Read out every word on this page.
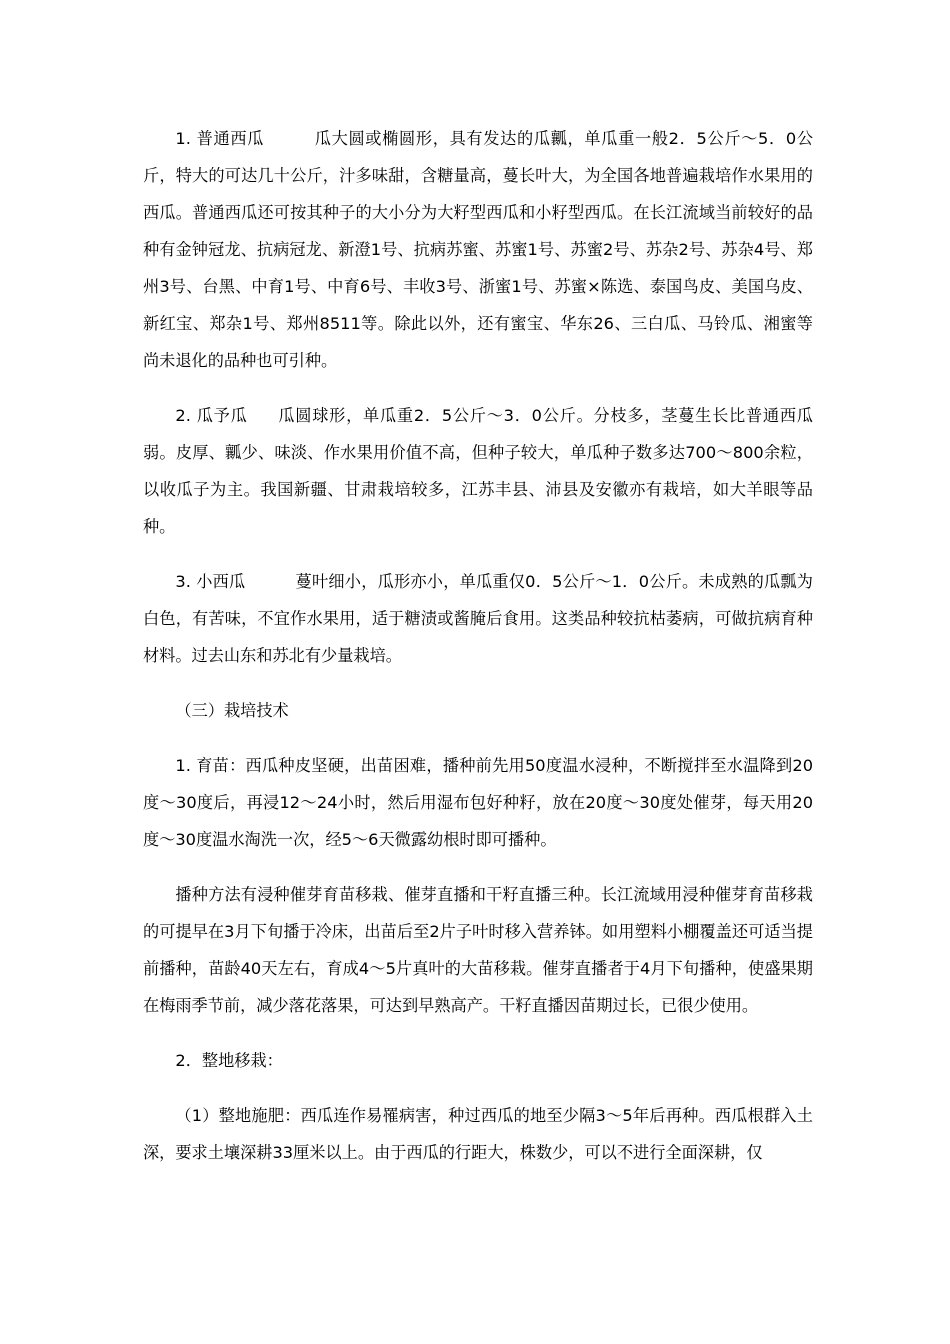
1. 普通西瓜	瓜大圆或椭圆形，具有发达的瓜瓤，单瓜重一般2．5公斤～5．0公斤，特大的可达几十公斤，汁多味甜，含糖量高，蔓长叶大，为全国各地普遍栽培作水果用的西瓜。普通西瓜还可按其种子的大小分为大籽型西瓜和小籽型西瓜。在长江流域当前较好的品种有金钟冠龙、抗病冠龙、新澄1号、抗病苏蜜、苏蜜1号、苏蜜2号、苏杂2号、苏杂4号、郑州3号、台黑、中育1号、中育6号、丰收3号、浙蜜1号、苏蜜×陈选、泰国鸟皮、美国乌皮、新红宝、郑杂1号、郑州8511等。除此以外，还有蜜宝、华东26、三白瓜、马铃瓜、湘蜜等尚未退化的品种也可引种。

2. 瓜予瓜 瓜圆球形，单瓜重2．5公斤～3．0公斤。分枝多，茎蔓生长比普通西瓜弱。皮厚、瓤少、味淡、作水果用价值不高，但种子较大，单瓜种子数多达700～800余粒，以收瓜子为主。我国新疆、甘肃栽培较多，江苏丰县、沛县及安徽亦有栽培，如大羊眼等品种。

3. 小西瓜	蔓叶细小，瓜形亦小，单瓜重仅0．5公斤～1．0公斤。未成熟的瓜瓢为白色，有苦味，不宜作水果用，适于糖渍或酱腌后食用。这类品种较抗枯萎病，可做抗病育种材料。过去山东和苏北有少量栽培。

（三）栽培技术

1. 育苗：西瓜种皮坚硬，出苗困难，播种前先用50度温水浸种，不断搅拌至水温降到20度～30度后，再浸12～24小时，然后用湿布包好种籽，放在20度～30度处催芽，每天用20度～30度温水淘洗一次，经5～6天微露幼根时即可播种。

播种方法有浸种催芽育苗移栽、催芽直播和干籽直播三种。长江流域用浸种催芽育苗移栽的可提早在3月下旬播于冷床，出苗后至2片子叶时移入营养钵。如用塑料小棚覆盖还可适当提前播种，苗龄40天左右，育成4～5片真叶的大苗移栽。催芽直播者于4月下旬播种，使盛果期在梅雨季节前，减少落花落果，可达到早熟高产。干籽直播因苗期过长，已很少使用。

2．整地移栽：

（1）整地施肥：西瓜连作易罹病害，种过西瓜的地至少隔3～5年后再种。西瓜根群入土深，要求土壤深耕33厘米以上。由于西瓜的行距大，株数少，可以不进行全面深耕，仅
